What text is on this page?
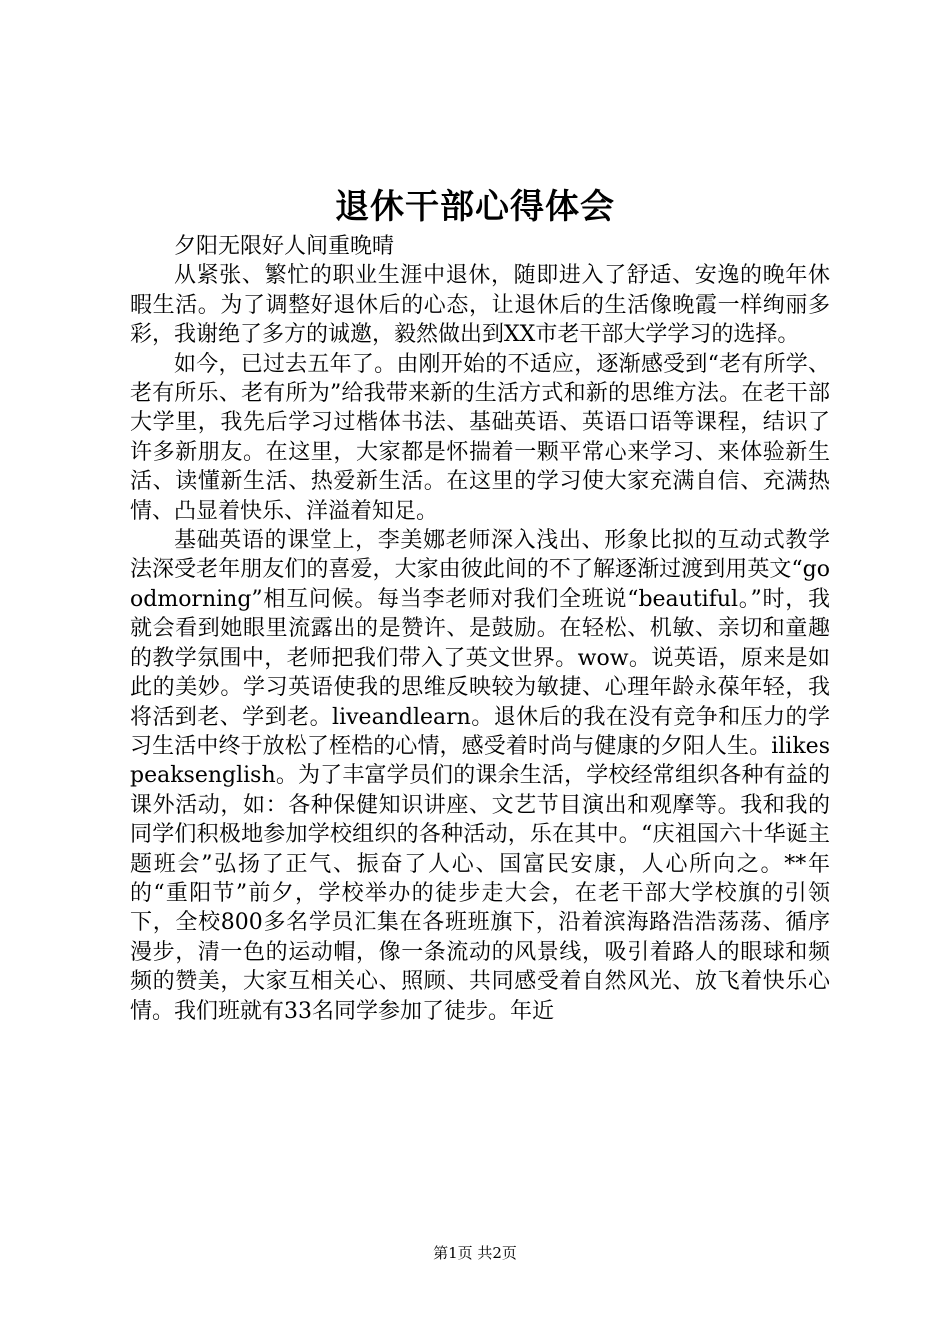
退休干部心得体会

夕阳无限好人间重晚晴

从紧张、繁忙的职业生涯中退休，随即进入了舒适、安逸的晚年休暇生活。为了调整好退休后的心态，让退休后的生活像晚霞一样绚丽多彩，我谢绝了多方的诚邀，毅然做出到XX市老干部大学学习的选择。

如今，已过去五年了。由刚开始的不适应，逐渐感受到“老有所学、老有所乐、老有所为”给我带来新的生活方式和新的思维方法。在老干部大学里，我先后学习过楷体书法、基础英语、英语口语等课程，结识了许多新朋友。在这里，大家都是怀揣着一颗平常心来学习、来体验新生活、读懂新生活、热爱新生活。在这里的学习使大家充满自信、充满热情、凸显着快乐、洋溢着知足。

基础英语的课堂上，李美娜老师深入浅出、形象比拟的互动式教学法深受老年朋友们的喜爱，大家由彼此间的不了解逐渐过渡到用英文“goodmorning”相互问候。每当李老师对我们全班说“beautiful。”时，我就会看到她眼里流露出的是赞许、是鼓励。在轻松、机敏、亲切和童趣的教学氛围中，老师把我们带入了英文世界。wow。说英语，原来是如此的美妙。学习英语使我的思维反映较为敏捷、心理年龄永葆年轻，我将活到老、学到老。liveandlearn。退休后的我在没有竞争和压力的学习生活中终于放松了桎梏的心情，感受着时尚与健康的夕阳人生。ilikespeaksenglish。为了丰富学员们的课余生活，学校经常组织各种有益的课外活动，如：各种保健知识讲座、文艺节目演出和观摩等。我和我的同学们积极地参加学校组织的各种活动，乐在其中。“庆祖国六十华诞主题班会”弘扬了正气、振奋了人心、国富民安康，人心所向之。**年的“重阳节”前夕，学校举办的徒步走大会，在老干部大学校旗的引领下，全校800多名学员汇集在各班班旗下，沿着滨海路浩浩荡荡、循序漫步，清一色的运动帽，像一条流动的风景线，吸引着路人的眼球和频频的赞美，大家互相关心、照顾、共同感受着自然风光、放飞着快乐心情。我们班就有33名同学参加了徒步。年近

第1页 共2页
